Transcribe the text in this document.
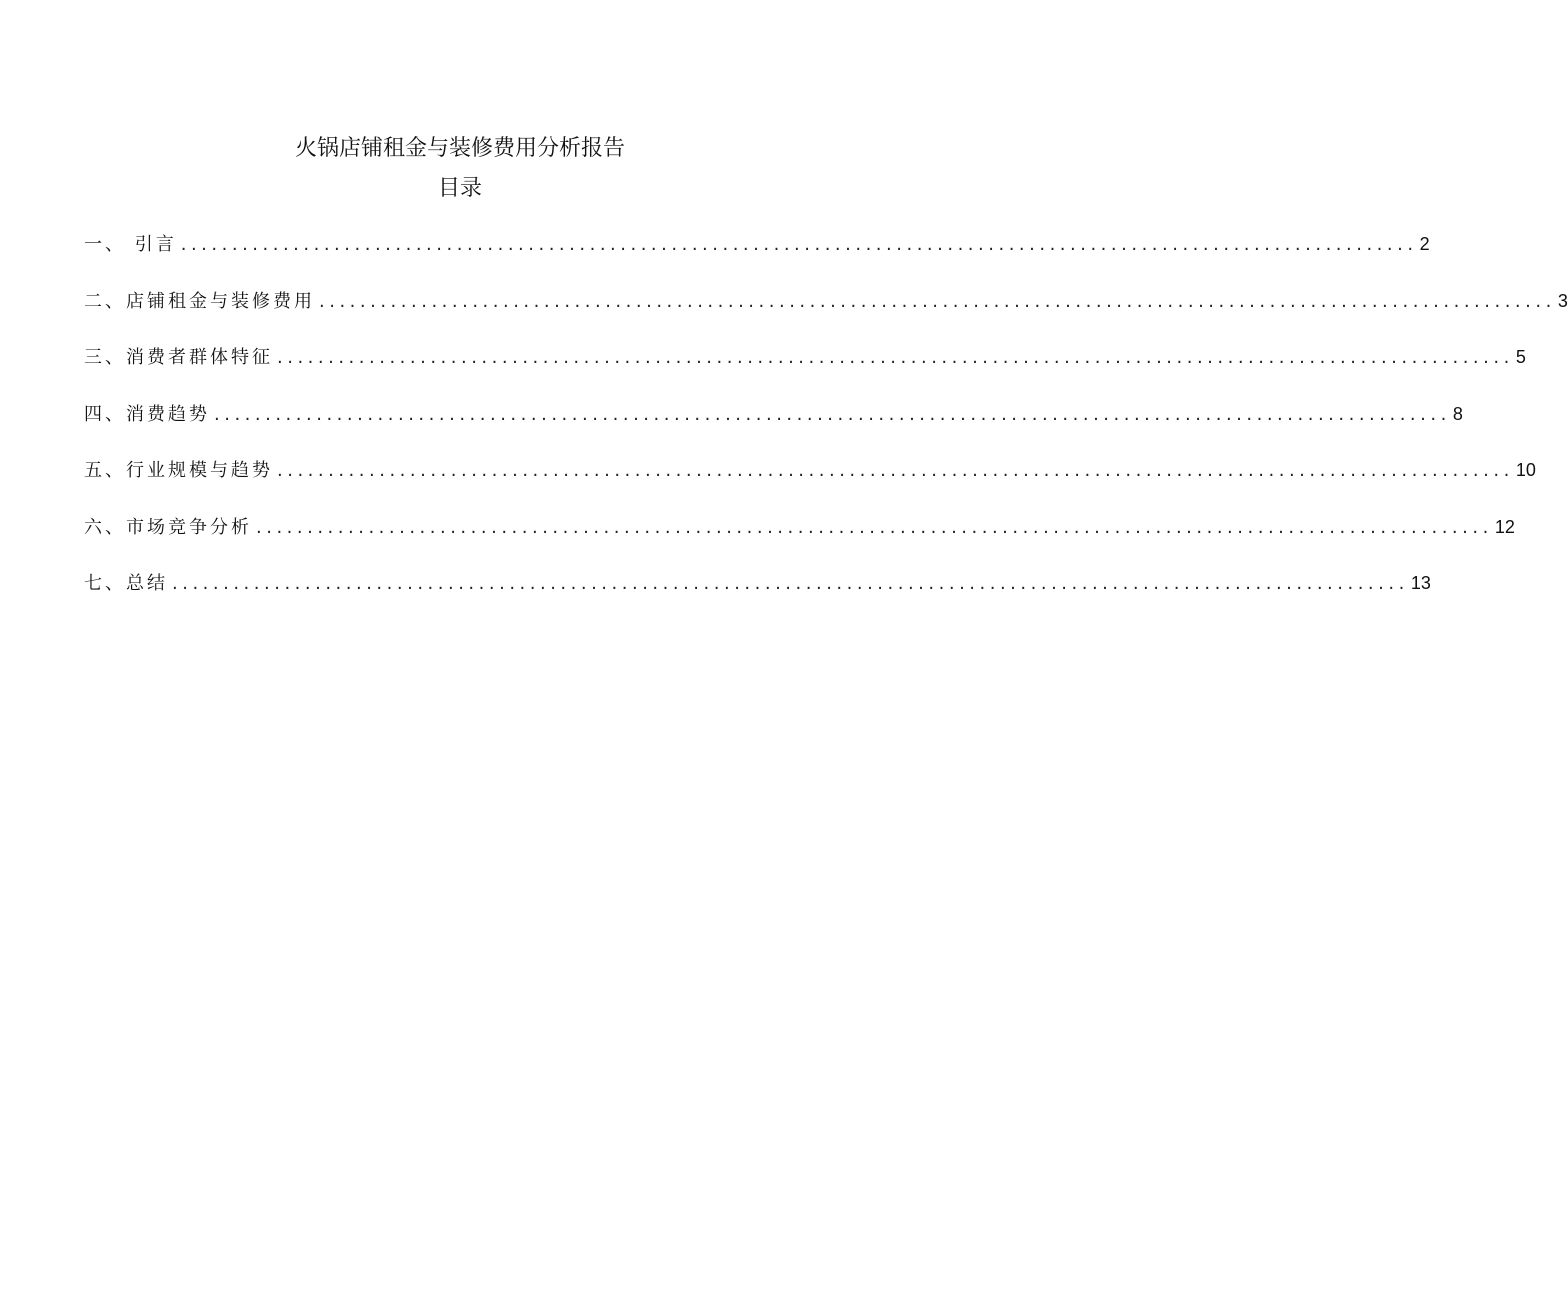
火锅店铺租金与装修费用分析报告
目录
一、 引言 ......................................................................................................................... 2
二、店铺租金与装修费用 ......................................................................................................................... 3
三、消费者群体特征 ......................................................................................................................... 5
四、消费趋势 ......................................................................................................................... 8
五、行业规模与趋势 ......................................................................................................................... 10
六、市场竞争分析 ......................................................................................................................... 12
七、总结 ......................................................................................................................... 13
